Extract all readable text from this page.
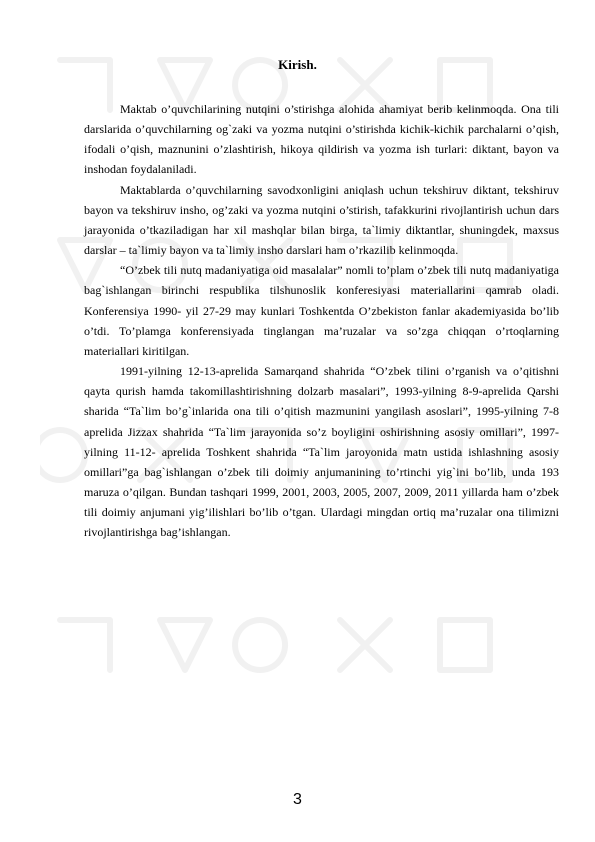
Kirish.

Maktab o’quvchilarining nutqini o’stirishga alohida ahamiyat berib kelinmoqda. Ona tili darslarida o’quvchilarning og`zaki va yozma nutqini o’stirishda kichik-kichik parchalarni o’qish, ifodali o’qish, maznunini o’zlashtirish, hikoya qildirish va yozma ish turlari: diktant, bayon va inshodan foydalaniladi.

Maktablarda o’quvchilarning savodxonligini aniqlash uchun tekshiruv diktant, tekshiruv bayon va tekshiruv insho, og’zaki va yozma nutqini o’stirish, tafakkurini rivojlantirish uchun dars jarayonida o’tkaziladigan har xil mashqlar bilan birga, ta`limiy diktantlar, shuningdek, maxsus darslar – ta`limiy bayon va ta`limiy insho darslari ham o’rkazilib kelinmoqda.

“O’zbek tili nutq madaniyatiga oid masalalar” nomli to’plam o’zbek tili nutq madaniyatiga bag`ishlangan birinchi respublika tilshunoslik konferesiyasi materiallarini qamrab oladi. Konferensiya 1990- yil 27-29 may kunlari Toshkentda O’zbekiston fanlar akademiyasida bo’lib o’tdi. To’plamga konferensiyada tinglangan ma’ruzalar va so’zga chiqqan o’rtoqlarning materiallari kiritilgan.

1991-yilning 12-13-aprelida Samarqand shahrida “O’zbek tilini o’rganish va o’qitishni qayta qurish hamda takomillashtirishning dolzarb masalari”, 1993-yilning 8-9-aprelida Qarshi sharida “Ta`lim bo’g`inlarida ona tili o’qitish mazmunini yangilash asoslari”, 1995-yilning 7-8 aprelida Jizzax shahrida “Ta`lim jarayonida so’z boyligini oshirishning asosiy omillari”, 1997-yilning 11-12- aprelida Toshkent shahrida “Ta`lim jaroyonida matn ustida ishlashning asosiy omillari”ga bag`ishlangan o’zbek tili doimiy anjumanining to’rtinchi yig`ini bo’lib, unda 193 maruza o’qilgan. Bundan tashqari 1999, 2001, 2003, 2005, 2007, 2009, 2011 yillarda ham o’zbek tili doimiy anjumani yig’ilishlari bo’lib o’tgan. Ulardagi mingdan ortiq ma’ruzalar ona tilimizni rivojlantirishga bag’ishlangan.

3
